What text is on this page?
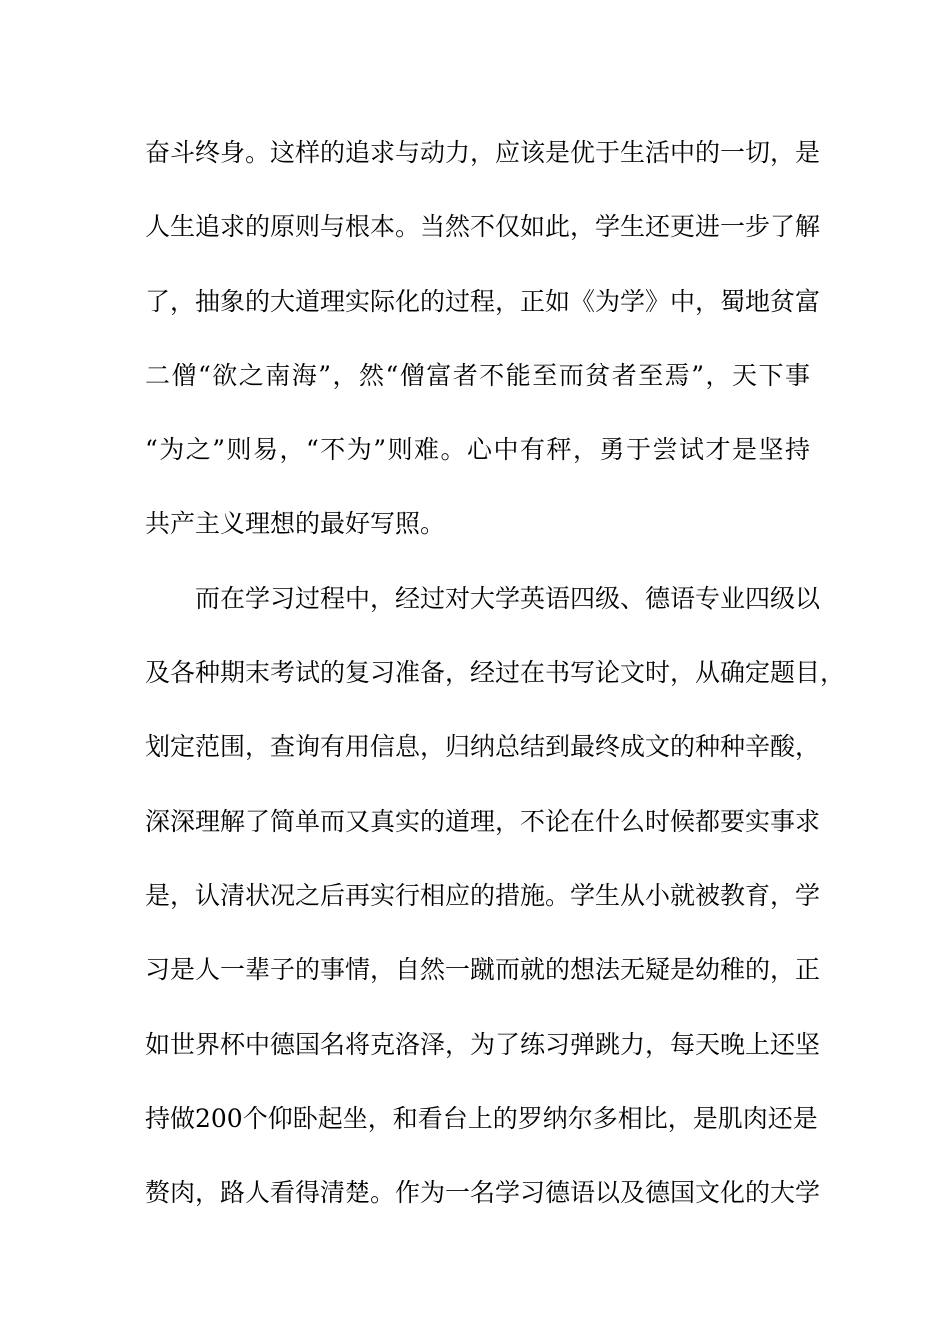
奋斗终身。这样的追求与动力，应该是优于生活中的一切，是
人生追求的原则与根本。当然不仅如此，学生还更进一步了解
了，抽象的大道理实际化的过程，正如《为学》中，蜀地贫富
二僧“欲之南海”，然“僧富者不能至而贫者至焉”，天下事
“为之”则易，“不为”则难。心中有秤，勇于尝试才是坚持
共产主义理想的最好写照。
而在学习过程中，经过对大学英语四级、德语专业四级以
及各种期末考试的复习准备，经过在书写论文时，从确定题目，
划定范围，查询有用信息，归纳总结到最终成文的种种辛酸，
深深理解了简单而又真实的道理，不论在什么时候都要实事求
是，认清状况之后再实行相应的措施。学生从小就被教育，学
习是人一辈子的事情，自然一蹴而就的想法无疑是幼稚的，正
如世界杯中德国名将克洛泽，为了练习弹跳力，每天晚上还坚
持做200个仰卧起坐，和看台上的罗纳尔多相比，是肌肉还是
赘肉，路人看得清楚。作为一名学习德语以及德国文化的大学
